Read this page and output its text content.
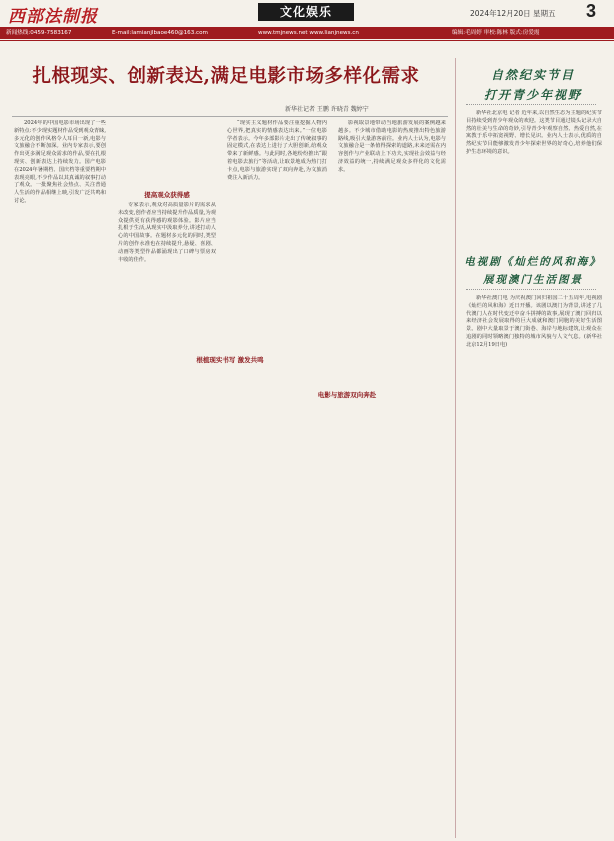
西部法制报	文化娱乐	2024年12月20日 星期五 3
新闻热线:0459-7583167	E-mail:lamianjlbaoe460@163.com	www.tmjnews.net www.lianjnews.cn	编辑:毛周婷 审校:陈林 版式:房爱霞
扎根现实、创新表达,满足电影市场多样化需求
新华社记者 王鹏 许晓青 魏婷宁
2024年的中国电影市场出现了一些新特点:不少现实题材作品受到观众青睐,多元化的创作风格令人耳目一新,电影与文旅融合不断加深。业内专家表示,要创作出更多满足观众需求的作品,要在扎根现实、创新表达上持续发力。国产电影在2024年暑期档、国庆档等重要档期中表现亮眼,不少作品以其真诚的叙事打动了观众。一批聚焦社会热点、关注普通人生活的作品相继上映,引发广泛共鸣和讨论。
提高观众获得感
专家表示,观众对高质量影片的需求从未改变,创作者应当持续提升作品质量,为观众提供更有获得感的观影体验。影片应当扎根于生活,从现实中汲取养分,讲述打动人心的中国故事。在题材多元化的同时,类型片的创作水准也在持续提升,悬疑、喜剧、动画等类型作品都涌现出了口碑与票房双丰收的佳作。
根植现实书写 激发共鸣
“现实主义题材作品要注重挖掘人物内心世界,把真实的情感表达出来。”一位电影学者表示。今年多部影片走出了传统叙事的固定模式,在表达上进行了大胆创新,给观众带来了新鲜感。与此同时,各地纷纷推出“跟着电影去旅行”等活动,让取景地成为热门打卡点,电影与旅游实现了双向奔赴,为文旅消费注入新活力。
影视取景地带动当地旅游发展的案例越来越多。不少城市借助电影的热度推出特色旅游路线,吸引大量游客前往。业内人士认为,电影与文旅融合是一条值得探索的道路,未来还需在内容创作与产业联动上下功夫,实现社会效益与经济效益的统一,持续满足观众多样化的文化需求。
电影与旅游双向奔赴
自然纪实节目
打开青少年视野
新华社北京电 记者 近年来,以自然生态为主题的纪实节目持续受到青少年观众的欢迎。这类节目通过镜头记录大自然的壮美与生命的奇妙,引导青少年观察自然、热爱自然,在寓教于乐中拓宽视野、增长见识。业内人士表示,优质的自然纪实节目能够激发青少年探索世界的好奇心,培养他们保护生态环境的意识。
电视剧《灿烂的风和海》
展现澳门生活图景
新华社澳门电 为庆祝澳门回归祖国二十五周年,电视剧《灿烂的风和海》近日开播。该剧以澳门为背景,讲述了几代澳门人在时代变迁中奋斗拼搏的故事,展现了澳门回归以来经济社会发展取得的巨大成就和澳门同胞的美好生活图景。剧中大量取景于澳门街巷、海岸与地标建筑,让观众在追剧的同时领略澳门独特的城市风貌与人文气息。(新华社北京12月19日电)
